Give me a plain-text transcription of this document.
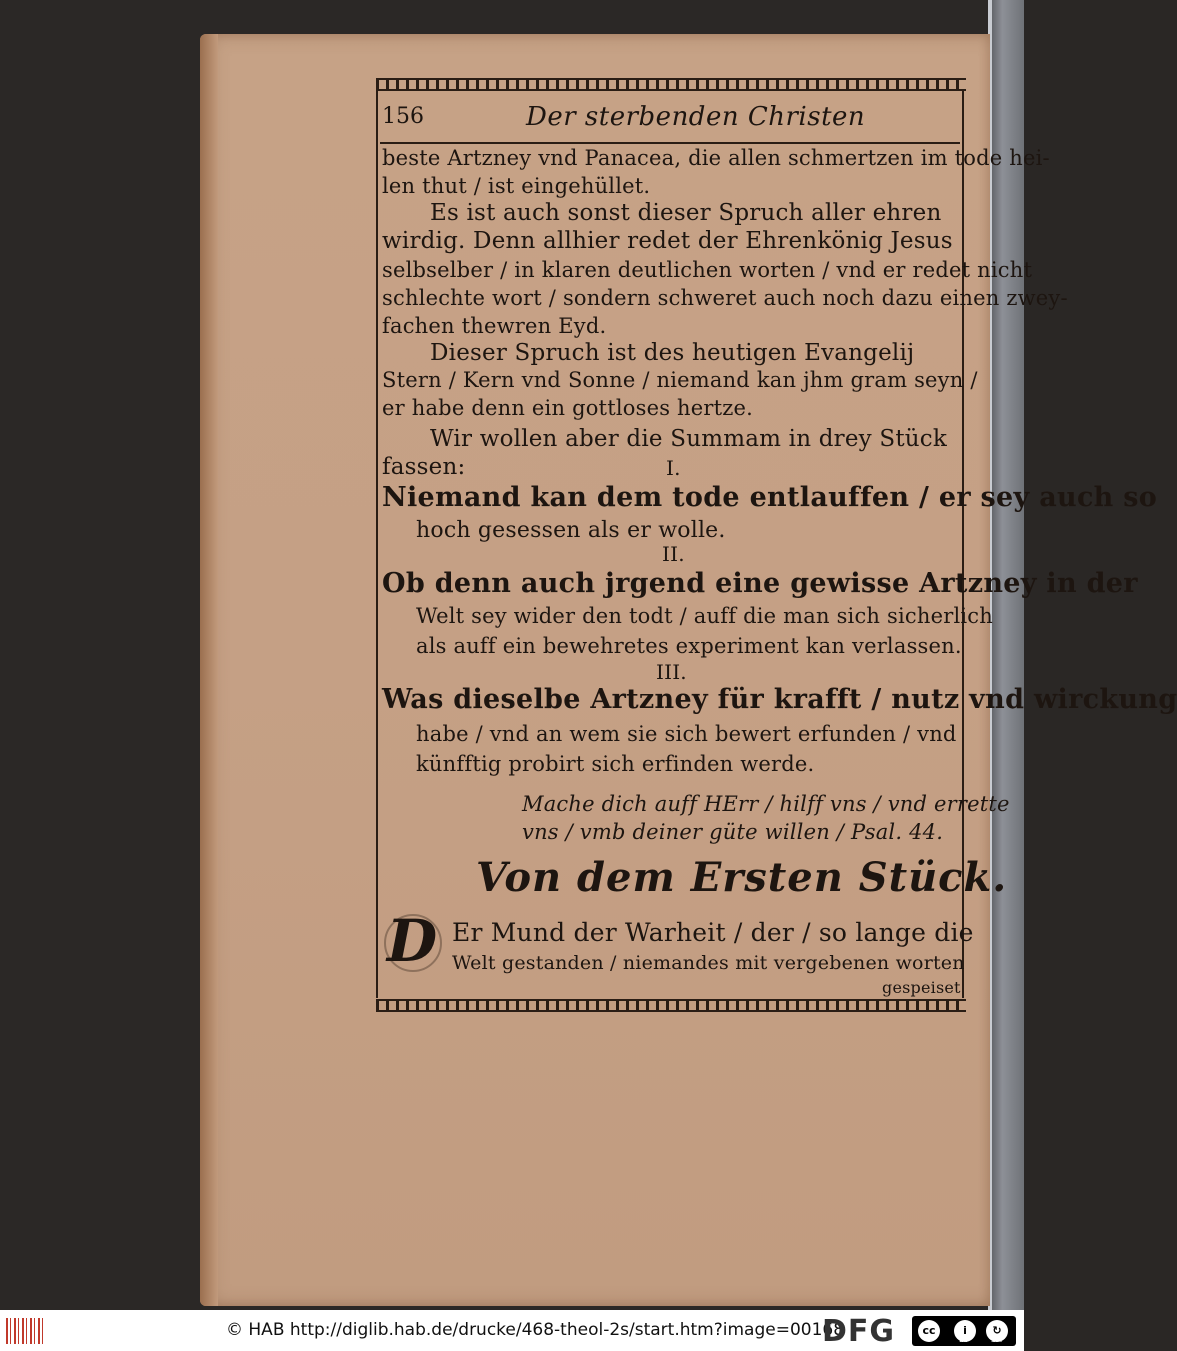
156	Der sterbenden Christen
beste Artzney vnd Panacea, die allen schmertzen im tode hei-
len thut / ist eingehüllet.
Es ist auch sonst dieser Spruch aller ehren
wirdig. Denn allhier redet der Ehrenkönig Jesus
selbselber / in klaren deutlichen worten / vnd er redet nicht
schlechte wort / sondern schweret auch noch dazu einen zwey-
fachen thewren Eyd.
Dieser Spruch ist des heutigen Evangelij
Stern / Kern vnd Sonne / niemand kan jhm gram seyn /
er habe denn ein gottloses hertze.
Wir wollen aber die Summam in drey Stück
fassen:	I.
Niemand kan dem tode entlauffen / er sey auch so
hoch gesessen als er wolle.
II.
Ob denn auch jrgend eine gewisse Artzney in der
Welt sey wider den todt / auff die man sich sicherlich
als auff ein bewehretes experiment kan verlassen.
III.
Was dieselbe Artzney für krafft / nutz vnd wirckung
habe / vnd an wem sie sich bewert erfunden / vnd
künfftig probirt sich erfinden werde.
Mache dich auff HErr / hilff vns / vnd errette
vns / vmb deiner güte willen / Psal. 44.
Von dem Ersten Stück.
D Er Mund der Warheit / der / so lange die
Welt gestanden / niemandes mit vergebenen worten
gespeiset
© HAB http://diglib.hab.de/drucke/468-theol-2s/start.htm?image=00168
DFG	cc	i	↻
BY	SA
